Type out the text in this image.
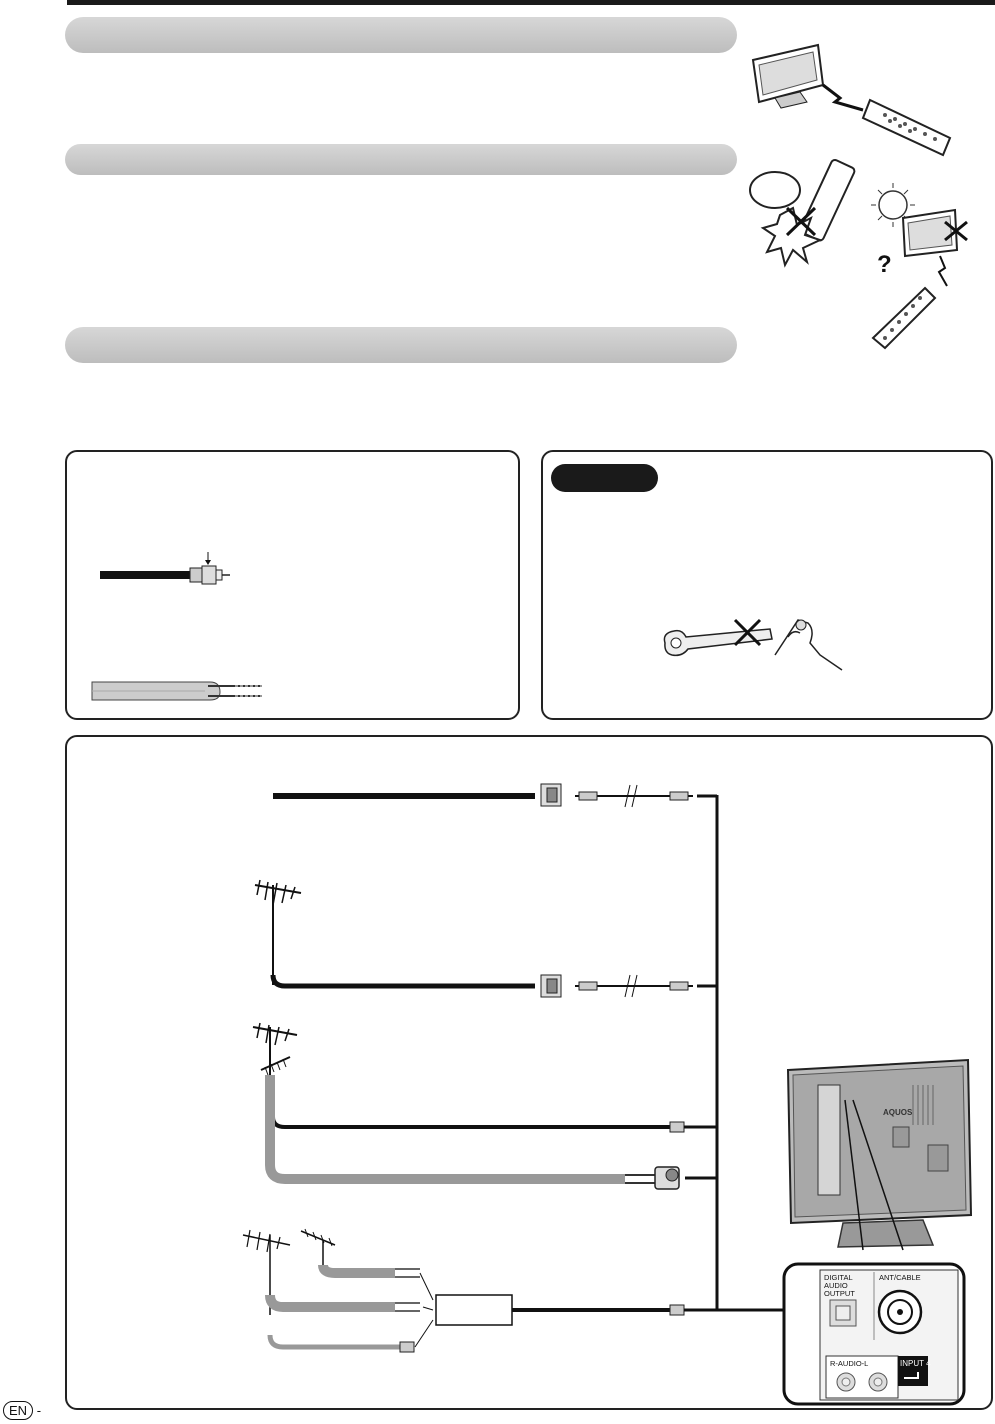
?
AQUOS
DIGITAL
AUDIO
OUTPUT
ANT/CABLE
R-AUDIO-L	INPUT 4
EN -
